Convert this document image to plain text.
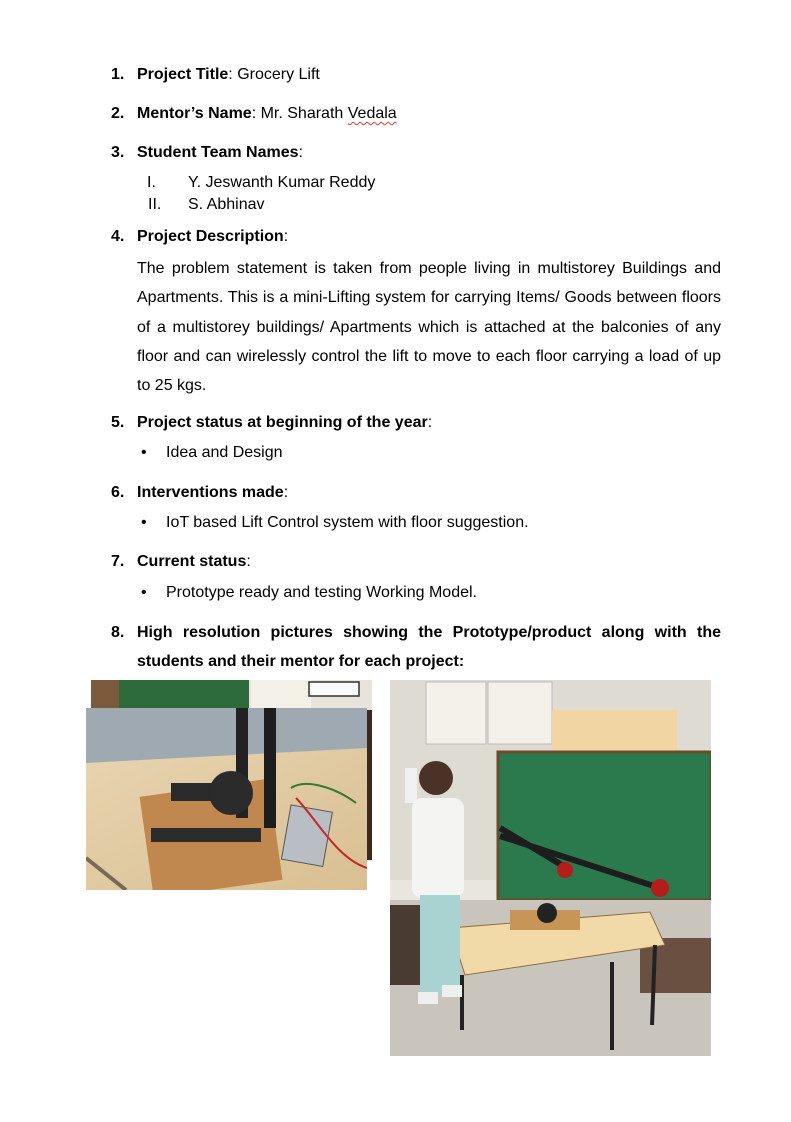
1. Project Title: Grocery Lift
2. Mentor’s Name: Mr. Sharath Vedala
3. Student Team Names:
I. Y. Jeswanth Kumar Reddy
II. S. Abhinav
4. Project Description:

The problem statement is taken from people living in multistorey Buildings and Apartments. This is a mini-Lifting system for carrying Items/ Goods between floors of a multistorey buildings/ Apartments which is attached at the balconies of any floor and can wirelessly control the lift to move to each floor carrying a load of up to 25 kgs.

5. Project status at beginning of the year:
• Idea and Design
6. Interventions made:
• IoT based Lift Control system with floor suggestion.
7. Current status:
• Prototype ready and testing Working Model.
8. High resolution pictures showing the Prototype/product along with the students and their mentor for each project:
